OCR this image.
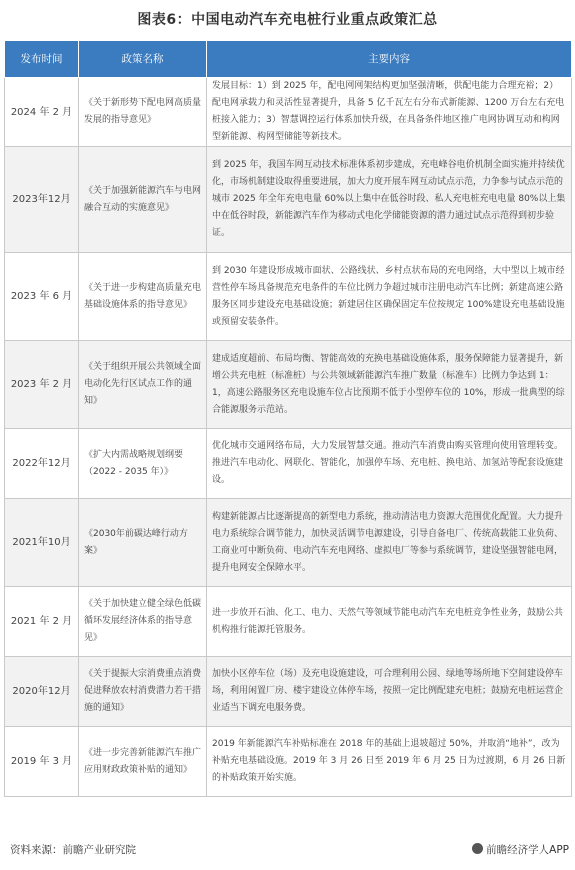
图表6：中国电动汽车充电桩行业重点政策汇总
发布时间	政策名称	主要内容
2024 年 2 月	《关于新形势下配电网高质量发展的指导意见》	发展目标：1）到 2025 年，配电网网架结构更加坚强清晰，供配电能力合理充裕；2）配电网承载力和灵活性显著提升，具备 5 亿千瓦左右分布式新能源、1200 万台左右充电桩接入能力；3）智慧调控运行体系加快升级，在具备条件地区推广电网协调互动和构网型新能源、构网型储能等新技术。
2023年12月	《关于加强新能源汽车与电网融合互动的实施意见》	到 2025 年，我国车网互动技术标准体系初步建成，充电峰谷电价机制全面实施并持续优化，市场机制建设取得重要进展，加大力度开展车网互动试点示范，力争参与试点示范的城市 2025 年全年充电电量 60%以上集中在低谷时段、私人充电桩充电电量 80%以上集中在低谷时段，新能源汽车作为移动式电化学储能资源的潜力通过试点示范得到初步验证。
2023 年 6 月	《关于进一步构建高质量充电基础设施体系的指导意见》	到 2030 年建设形成城市面状、公路线状、乡村点状布局的充电网络，大中型以上城市经营性停车场具备规范充电条件的车位比例力争超过城市注册电动汽车比例；新建高速公路服务区同步建设充电基础设施；新建居住区确保固定车位按规定 100%建设充电基础设施或预留安装条件。
2023 年 2 月	《关于组织开展公共领域全面电动化先行区试点工作的通知》	建成适度超前、布局均衡、智能高效的充换电基础设施体系，服务保障能力显著提升，新增公共充电桩（标准桩）与公共领域新能源汽车推广数量（标准车）比例力争达到 1：1，高速公路服务区充电设施车位占比预期不低于小型停车位的 10%，形成一批典型的综合能源服务示范站。
2022年12月	《扩大内需战略规划纲要（2022 - 2035 年）》	优化城市交通网络布局，大力发展智慧交通。推动汽车消费由购买管理向使用管理转变。推进汽车电动化、网联化、智能化，加强停车场、充电桩、换电站、加氢站等配套设施建设。
2021年10月	《2030年前碳达峰行动方案》	构建新能源占比逐渐提高的新型电力系统，推动清洁电力资源大范围优化配置。大力提升电力系统综合调节能力，加快灵活调节电源建设，引导自备电厂、传统高载能工业负荷、工商业可中断负荷、电动汽车充电网络、虚拟电厂等参与系统调节，建设坚强智能电网，提升电网安全保障水平。
2021 年 2 月	《关于加快建立健全绿色低碳循环发展经济体系的指导意见》	进一步放开石油、化工、电力、天然气等领域节能电动汽车充电桩竞争性业务，鼓励公共机构推行能源托管服务。
2020年12月	《关于提振大宗消费重点消费促进释放农村消费潜力若干措施的通知》	加快小区停车位（场）及充电设施建设，可合理利用公园、绿地等场所地下空间建设停车场，利用闲置厂房、楼宇建设立体停车场，按照一定比例配建充电桩；鼓励充电桩运营企业适当下调充电服务费。
2019 年 3 月	《进一步完善新能源汽车推广应用财政政策补贴的通知》	2019 年新能源汽车补贴标准在 2018 年的基础上退坡超过 50%，并取消“地补”，改为补贴充电基础设施。2019 年 3 月 26 日至 2019 年 6 月 25 日为过渡期，6 月 26 日新的补贴政策开始实施。
资料来源：前瞻产业研究院	前瞻经济学人APP
